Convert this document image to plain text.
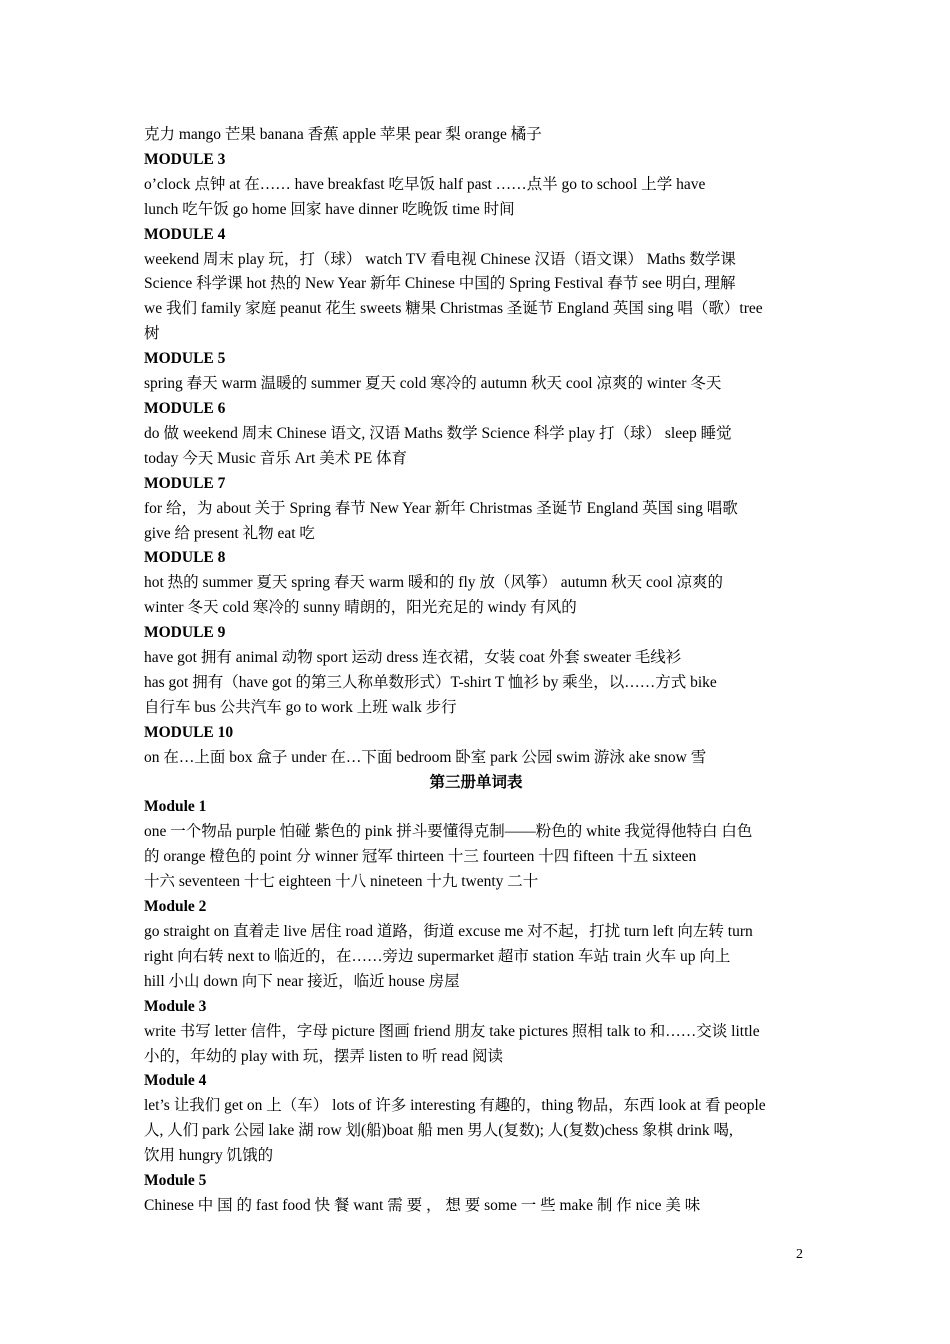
克力 mango 芒果 banana 香蕉 apple 苹果 pear 梨 orange 橘子
MODULE 3
o’clock 点钟 at 在…… have breakfast 吃早饭 half past ……点半 go to school 上学 have
lunch 吃午饭 go home 回家 have dinner 吃晚饭 time 时间
MODULE 4
weekend 周末 play 玩，打（球） watch TV 看电视 Chinese 汉语（语文课） Maths 数学课
Science 科学课 hot 热的 New Year 新年 Chinese 中国的 Spring Festival 春节 see 明白, 理解
we 我们 family 家庭 peanut 花生 sweets 糖果 Christmas 圣诞节 England 英国 sing 唱（歌）tree
树
MODULE 5
spring 春天 warm 温暖的 summer 夏天 cold 寒冷的 autumn 秋天 cool 凉爽的 winter 冬天
MODULE 6
do 做 weekend 周末 Chinese 语文, 汉语 Maths 数学 Science 科学 play 打（球） sleep 睡觉
today 今天 Music 音乐 Art 美术 PE 体育
MODULE 7
for 给，为 about 关于 Spring 春节 New Year 新年 Christmas 圣诞节 England 英国 sing 唱歌
give 给 present 礼物 eat 吃
MODULE 8
hot 热的 summer 夏天 spring 春天 warm 暖和的 fly 放（风筝） autumn 秋天 cool 凉爽的
winter 冬天 cold 寒冷的 sunny 晴朗的，阳光充足的 windy 有风的
MODULE 9
have got 拥有 animal 动物 sport 运动 dress 连衣裙，女装 coat 外套 sweater 毛线衫
has got 拥有（have got 的第三人称单数形式）T-shirt T 恤衫 by 乘坐，以……方式 bike
自行车 bus 公共汽车 go to work 上班 walk 步行
MODULE 10
on 在…上面 box 盒子 under 在…下面 bedroom 卧室 park 公园 swim 游泳 ake snow 雪
第三册单词表
Module 1
one 一个物品 purple 怕碰 紫色的 pink 拼斗要懂得克制——粉色的 white 我觉得他特白 白色
的 orange 橙色的 point 分 winner 冠军 thirteen 十三 fourteen 十四 fifteen 十五 sixteen
十六 seventeen 十七 eighteen 十八 nineteen 十九 twenty 二十
Module 2
go straight on 直着走 live 居住 road 道路，街道 excuse me 对不起，打扰 turn left 向左转 turn
right 向右转 next to 临近的，在……旁边 supermarket 超市 station 车站 train 火车 up 向上
hill 小山 down 向下 near 接近，临近 house 房屋
Module 3
write 书写 letter 信件，字母 picture 图画 friend 朋友 take pictures 照相 talk to 和……交谈 little
小的，年幼的 play with 玩，摆弄 listen to 听 read 阅读
Module 4
let’s 让我们 get on 上（车） lots of 许多 interesting 有趣的，thing 物品，东西 look at 看 people
人, 人们 park 公园 lake 湖 row 划(船)boat 船 men 男人(复数); 人(复数)chess 象棋 drink 喝,
饮用 hungry 饥饿的
Module 5
Chinese 中 国 的 fast food 快 餐 want 需 要 ， 想 要 some 一 些 make 制 作 nice 美 味
2
